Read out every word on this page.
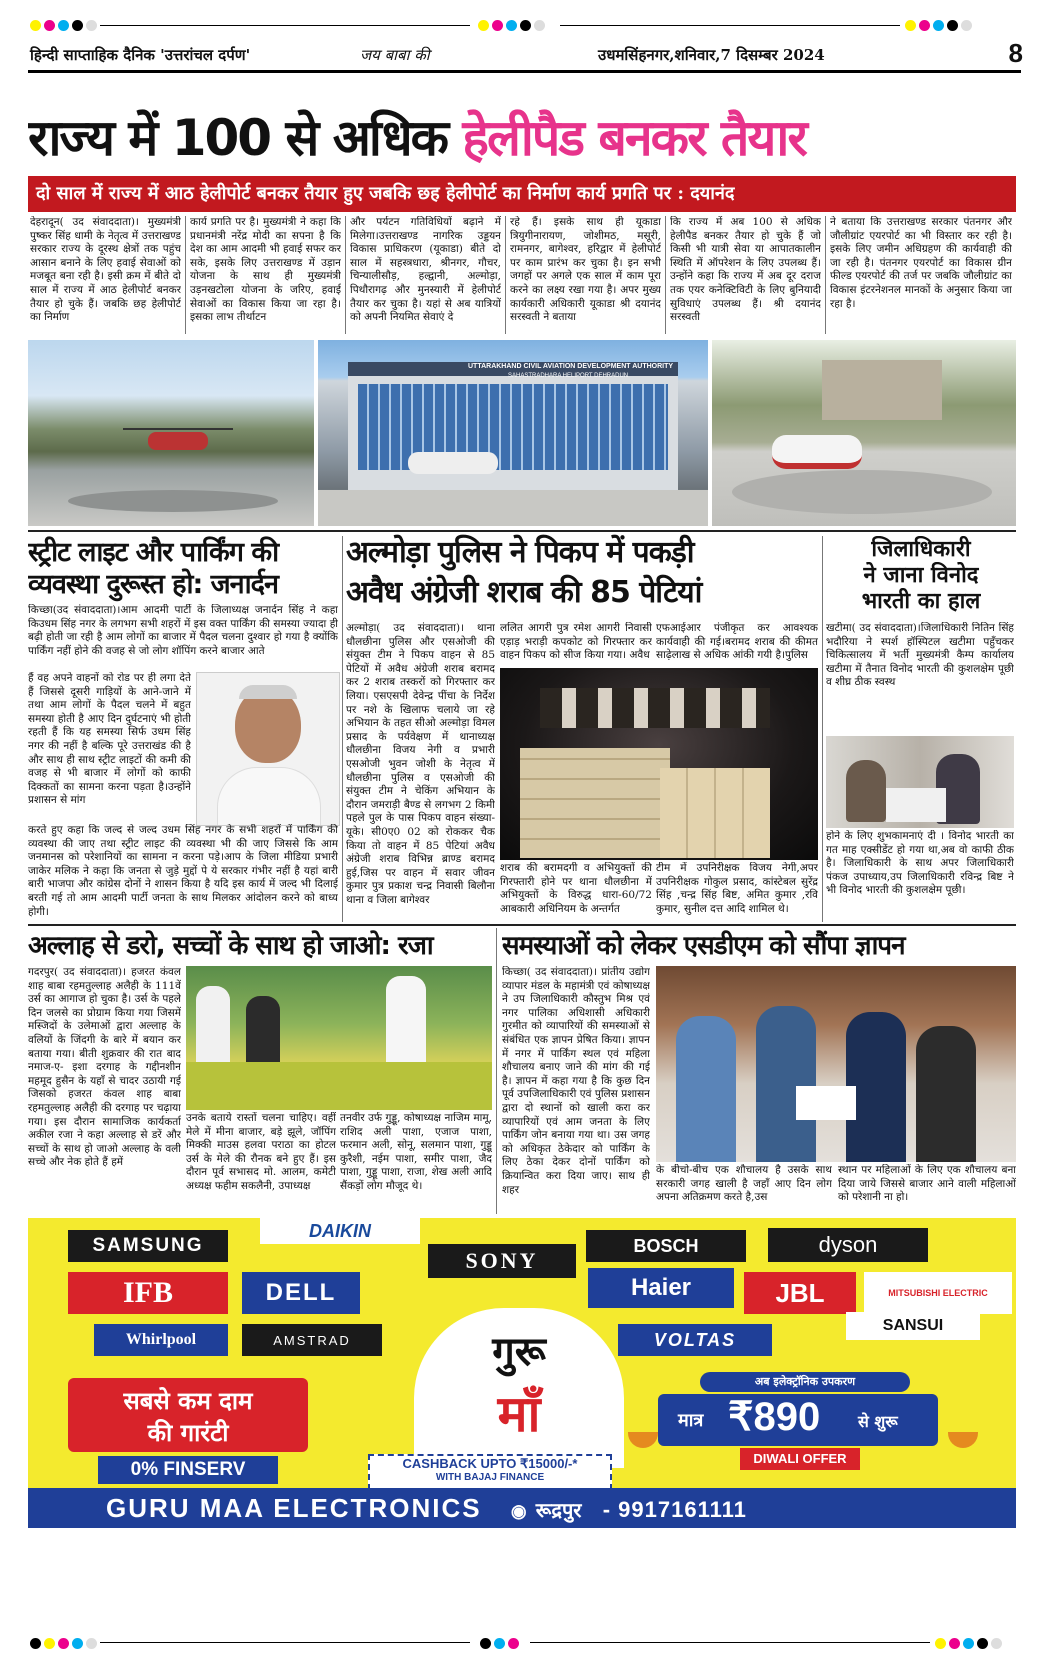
हिन्दी साप्ताहिक दैनिक 'उत्तरांचल दर्पण'	जय बाबा की	उधमसिंहनगर,शनिवार,7 दिसम्बर 2024	8
राज्य में 100 से अधिक हेलीपैड बनकर तैयार
दो साल में राज्य में आठ हेलीपोर्ट बनकर तैयार हुए जबकि छह हेलीपोर्ट का निर्माण कार्य प्रगति पर : दयानंद
देहरादून( उद संवाददाता)। मुख्यमंत्री पुष्कर सिंह धामी के नेतृत्व में उत्तराखण्ड सरकार राज्य के दूरस्थ क्षेत्रों तक पहुंच आसान बनाने के लिए हवाई सेवाओं को मजबूत बना रही है। इसी क्रम में बीते दो साल में राज्य में आठ हेलीपोर्ट बनकर तैयार हो चुके हैं। जबकि छह हेलीपोर्ट का निर्माण
कार्य प्रगति पर है। मुख्यमंत्री ने कहा कि प्रधानमंत्री नरेंद्र मोदी का सपना है कि देश का आम आदमी भी हवाई सफर कर सके, इसके लिए उत्तराखण्ड में उड़ान योजना के साथ ही मुख्यमंत्री उड़नखटोला योजना के जरिए, हवाई सेवाओं का विकास किया जा रहा है। इसका लाभ तीर्थाटन
और पर्यटन गतिविधियों बढ़ाने में मिलेगा।उत्तराखण्ड नागरिक उड्डयन विकास प्राधिकरण (यूकाडा) बीते दो साल में सहस्त्रधारा, श्रीनगर, गौचर, चिन्यालीसौड़, हल्द्वानी, अल्मोड़ा, पिथौरागढ़ और मुनस्यारी में हेलीपोर्ट तैयार कर चुका है। यहां से अब यात्रियों को अपनी नियमित सेवाएं दे
रहे हैं। इसके साथ ही यूकाडा त्रियुगीनारायण, जोशीमठ, मसूरी, रामनगर, बागेश्वर, हरिद्वार में हेलीपोर्ट पर काम प्रारंभ कर चुका है। इन सभी जगहों पर अगले एक साल में काम पूरा करने का लक्ष्य रखा गया है। अपर मुख्य कार्यकारी अधिकारी यूकाडा श्री दयानंद सरस्वती ने बताया
कि राज्य में अब 100 से अधिक हेलीपैड बनकर तैयार हो चुके हैं जो किसी भी यात्री सेवा या आपातकालीन स्थिति में ऑपरेशन के लिए उपलब्ध हैं। उन्होंने कहा कि राज्य में अब दूर दराज तक एयर कनेक्टिविटी के लिए बुनियादी सुविधाएं उपलब्ध हैं। श्री दयानंद सरस्वती
ने बताया कि उत्तराखण्ड सरकार पंतनगर और जौलीग्रांट एयरपोर्ट का भी विस्तार कर रही है। इसके लिए जमीन अधिग्रहण की कार्यवाही की जा रही है। पंतनगर एयरपोर्ट का विकास ग्रीन फील्ड एयरपोर्ट की तर्ज पर जबकि जौलीग्रांट का विकास इंटरनेशनल मानकों के अनुसार किया जा रहा है।
UTTARAKHAND CIVIL AVIATION DEVELOPMENT AUTHORITY
SAHASTRADHARA HELIPORT DEHRADUN
स्ट्रीट लाइट और पार्किंग की
व्यवस्था दुरूस्त हो: जनार्दन
किच्छा(उद संवाददाता)।आम आदमी पार्टी के जिलाध्यक्ष जनार्दन सिंह ने कहा किउधम सिंह नगर के लगभग सभी शहरों में इस वक्त पार्किंग की समस्या ज्यादा ही बढ़ी होती जा रही है आम लोगों का बाजार में पैदल चलना दुश्वार हो गया है क्योंकि पार्किंग नहीं होने की वजह से जो लोग शॉपिंग करने बाजार आते
हैं वह अपने वाहनों को रोड पर ही लगा देते हैं जिससे दूसरी गाड़ियों के आने-जाने में तथा आम लोगों के पैदल चलने में बहुत समस्या होती है आए दिन दुर्घटनाएं भी होती रहती हैं कि यह समस्या सिर्फ उधम सिंह नगर की नहीं है बल्कि पूरे उत्तराखंड की है और साथ ही साथ स्ट्रीट लाइटों की कमी की वजह से भी बाजार में लोगों को काफी दिक्कतों का सामना करना पड़ता है।उन्होंने प्रशासन से मांग
करते हुए कहा कि जल्द से जल्द उधम सिंह नगर के सभी शहरों में पार्किंग की व्यवस्था की जाए तथा स्ट्रीट लाइट की व्यवस्था भी की जाए जिससे कि आम जनमानस को परेशानियों का सामना न करना पड़े।आप के जिला मीडिया प्रभारी जाकेर मलिक ने कहा कि जनता से जुड़े मुद्दों पे ये सरकार गंभीर नहीं है यहां बारी बारी भाजपा और कांग्रेस दोनों ने शासन किया है यदि इस कार्य में जल्द भी दिलाई बरती गई तो आम आदमी पार्टी जनता के साथ मिलकर आंदोलन करने को बाध्य होगी।
अल्मोड़ा पुलिस ने पिकप में पकड़ी
अवैध अंग्रेजी शराब की 85 पेटियां
अल्मोड़ा( उद संवाददाता)। थाना धौलछीना पुलिस और एसओजी की संयुक्त टीम ने पिकप वाहन से 85 पेटियों में अवैध अंग्रेजी शराब बरामद कर 2 शराब तस्करों को गिरफ्तार कर लिया। एसएसपी देवेन्द्र पींचा के निर्देश पर नशे के खिलाफ चलाये जा रहे अभियान के तहत सीओ अल्मोड़ा विमल प्रसाद के पर्यवेक्षण में थानाध्यक्ष धौलछीना विजय नेगी व प्रभारी एसओजी भुवन जोशी के नेतृत्व में धौलछीना पुलिस व एसओजी की संयुक्त टीम ने चेकिंग अभियान के दौरान जमराड़ी बैण्ड से लगभग 2 किमी पहले पुल के पास पिकप वाहन संख्या- यूके। सी0ए0 02 को रोककर चैक किया तो वाहन में 85 पेटियां अवैध अंग्रेजी शराब विभिन्न ब्राण्ड बरामद हुई,जिस पर वाहन में सवार जीवन कुमार पुत्र प्रकाश चन्द्र निवासी बिलौना थाना व जिला बागेश्वर
ललित आगरी पुत्र रमेश आगरी निवासी एड़ाड़ भराड़ी कपकोट को गिरफ्तार कर वाहन पिकप को सीज किया गया। अवैध
एफआईआर पंजीकृत कर आवश्यक कार्यवाही की गई।बरामद शराब की कीमत साढ़ेलाख से अधिक आंकी गयी है।पुलिस
शराब की बरामदगी व अभियुक्तों की गिरफ्तारी होने पर थाना धौलछीना में अभियुक्तों के विरुद्ध धारा-60/72 आबकारी अधिनियम के अन्तर्गत
टीम में उपनिरीक्षक विजय नेगी,अपर उपनिरीक्षक गोकुल प्रसाद, कांस्टेबल सुरेंद्र सिंह ,चन्द्र सिंह बिष्ट, अमित कुमार ,रवि कुमार, सुनील दत्त आदि शामिल थे।
जिलाधिकारी
ने जाना विनोद
भारती का हाल
खटीमा( उद संवाददाता)।जिलाधिकारी नितिन सिंह भदौरिया ने स्पर्श हॉस्पिटल खटीमा पहुँचकर चिकित्सालय में भर्ती मुख्यमंत्री कैम्प कार्यालय खटीमा में तैनात विनोद भारती की कुशलक्षेम पूछी व शीघ्र ठीक स्वस्थ
होने के लिए शुभकामनाएं दी । विनोद भारती का गत माह एक्सीडेंट हो गया था,अब वो काफी ठीक है। जिलाधिकारी के साथ अपर जिलाधिकारी पंकज उपाध्याय,उप जिलाधिकारी रविन्द्र बिष्ट ने भी विनोद भारती की कुशलक्षेम पूछी।
अल्लाह से डरो, सच्चों के साथ हो जाओ: रजा
गदरपुर( उद संवाददाता)। हजरत कंवल शाह बाबा रहमतुल्लाह अलैही के 111वें उर्स का आगाज हो चुका है। उर्स के पहले दिन जलसे का प्रोग्राम किया गया जिसमें मस्जिदों के उलेमाओं द्वारा अल्लाह के वलियों के जिंदगी के बारे में बयान कर बताया गया। बीती शुक्रवार की रात बाद नमाज-ए- इशा दरगाह के गद्दीनशीन महमूद हुसैन के यहाँ से चादर उठायी गई जिसको हजरत कंवल शाह बाबा रहमतुल्लाह अलैही की दरगाह पर चढ़ाया गया। इस दौरान सामाजिक कार्यकर्ता अकील रजा ने कहा अल्लाह से डरें और सच्चों के साथ हो जाओ अल्लाह के वली सच्चे और नेक होते हैं हमें
उनके बताये रास्तों चलना चाहिए। वहीं मेले में मीना बाजार, बड़े झूले, जॉपिंग मिक्की माउस हलवा पराठा का होटल उर्स के मेले की रौनक बने हुए हैं। इस दौरान पूर्व सभासद मो. आलम, कमेटी अध्यक्ष फहीम सकलैनी, उपाध्यक्ष
तनवीर उर्फ गुड्डू, कोषाध्यक्ष नाजिम मामू, राशिद अली पाशा, एजाज पाशा, फरमान अली, सोनू, सलमान पाशा, गुड्डू कुरैशी, नईम पाशा, समीर पाशा, जैद पाशा, गुड्डू पाशा, राजा, शेख अली आदि सैंकड़ों लोग मौजूद थे।
समस्याओं को लेकर एसडीएम को सौंपा ज्ञापन
किच्छा( उद संवाददाता)। प्रांतीय उद्योग व्यापार मंडल के महामंत्री एवं कोषाध्यक्ष ने उप जिलाधिकारी कौस्तुभ मिश्र एवं नगर पालिका अधिशासी अधिकारी गुरमीत को व्यापारियों की समस्याओं से संबंधित एक ज्ञापन प्रेषित किया। ज्ञापन में नगर में पार्किंग स्थल एवं महिला शौचालय बनाए जाने की मांग की गई है। ज्ञापन में कहा गया है कि कुछ दिन पूर्व उपजिलाधिकारी एवं पुलिस प्रशासन द्वारा दो स्थानों को खाली करा कर व्यापारियों एवं आम जनता के लिए पार्किंग जोन बनाया गया था। उस जगह को अधिकृत ठेकेदार को पार्किंग के लिए ठेका देकर दोनों पार्किंग को क्रियान्वित करा दिया जाए। साथ ही शहर
के बीचो-बीच एक शौचालय है उसके साथ सरकारी जगह खाली है जहाँ आए दिन लोग अपना अतिक्रमण करते है,उस
स्थान पर महिलाओं के लिए एक शौचालय बना दिया जाये जिससे बाजार आने वाली महिलाओं को परेशानी ना हो।
SAMSUNG
DAIKIN
SONY
BOSCH	dyson
IFB	DELL	Haier	JBL	MITSUBISHI ELECTRIC
Whirlpool	AMSTRAD	VOLTAS
SANSUI
गुरू
माँ
सबसे कम दाम
की गारंटी
0% FINSERV
अब इलेक्ट्रॉनिक उपकरण
मात्र ₹890 से शुरू
DIWALI OFFER
CASHBACK UPTO ₹15000/-*
WITH BAJAJ FINANCE
GURU MAA ELECTRONICS ◉ रूद्रपुर - 9917161111
